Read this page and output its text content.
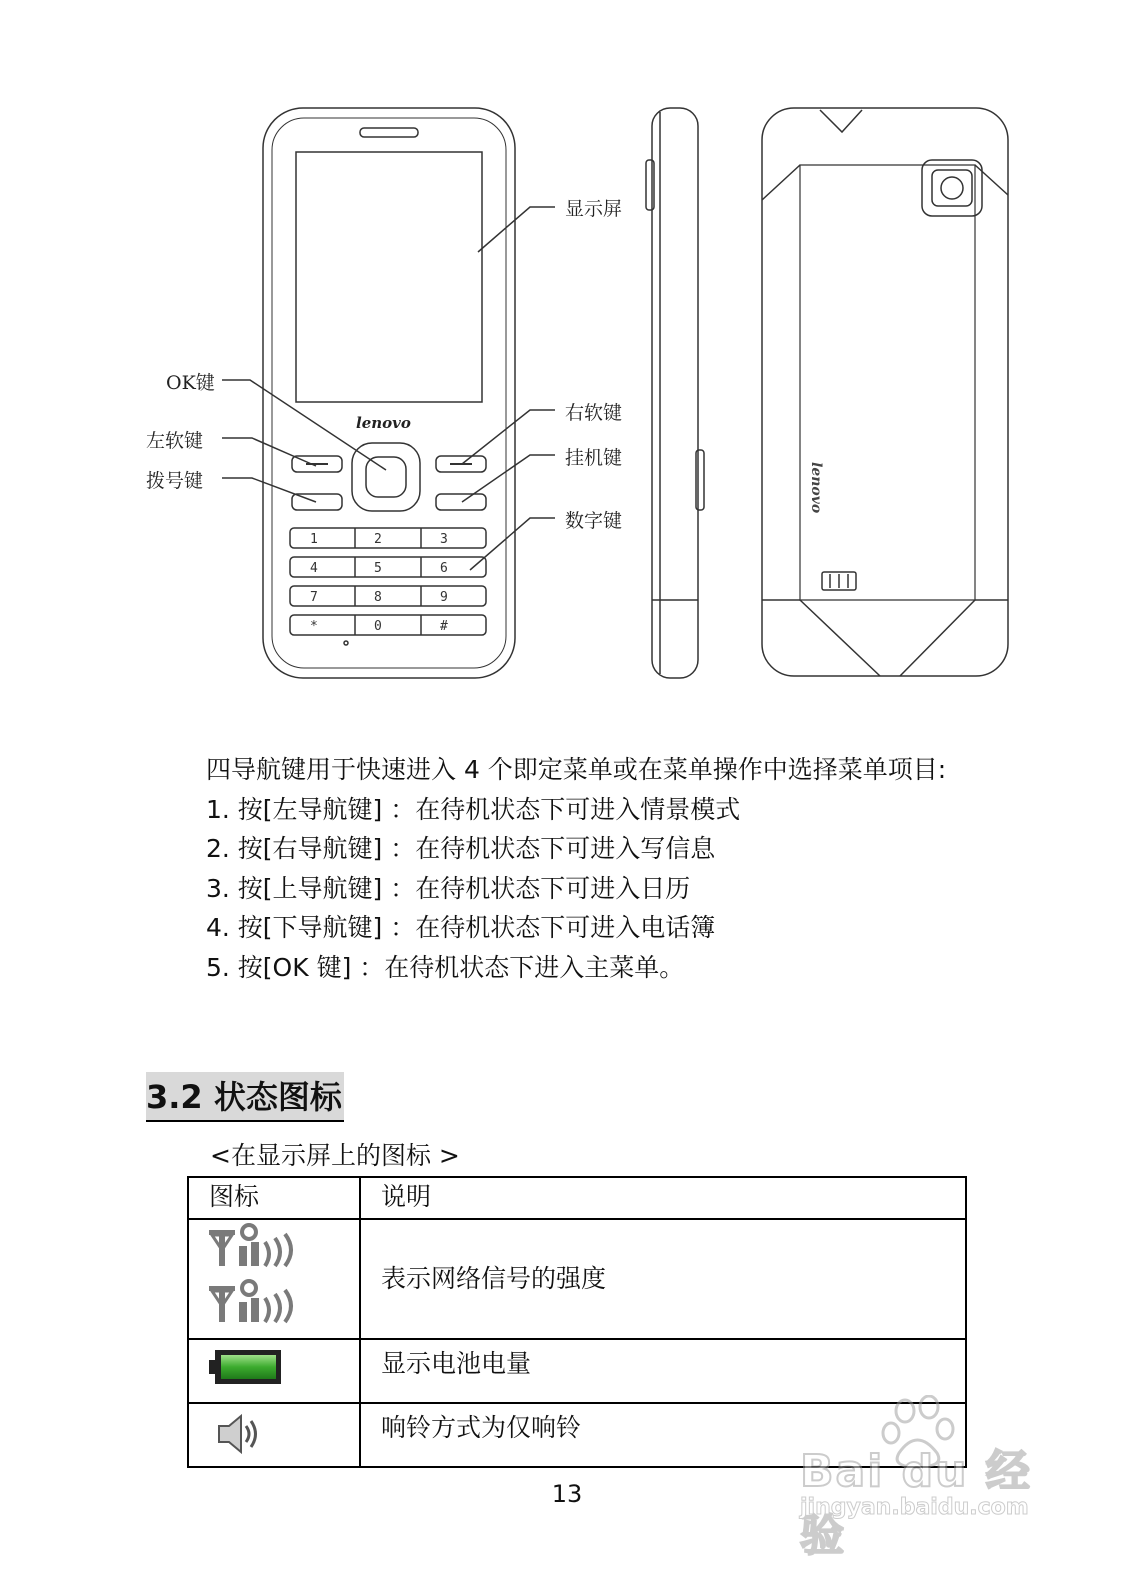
1	2	3
4	5	6
7	8	9
*	0	#
lenovo
lenovo
显示屏
OK键
左软键
拨号键
右软键
挂机键
数字键
四导航键用于快速进入 4 个即定菜单或在菜单操作中选择菜单项目:
1. 按[左导航键] ：在待机状态下可进入情景模式
2. 按[右导航键] ：在待机状态下可进入写信息
3. 按[上导航键] ：在待机状态下可进入日历
4. 按[下导航键] ：在待机状态下可进入电话簿
5. 按[OK 键] ：在待机状态下进入主菜单。
3.2 状态图标
<在显示屏上的图标 >
图标	说明
	表示网络信号的强度
	显示电池电量
	响铃方式为仅响铃
13	Bai du 经验
jingyan.baidu.com
